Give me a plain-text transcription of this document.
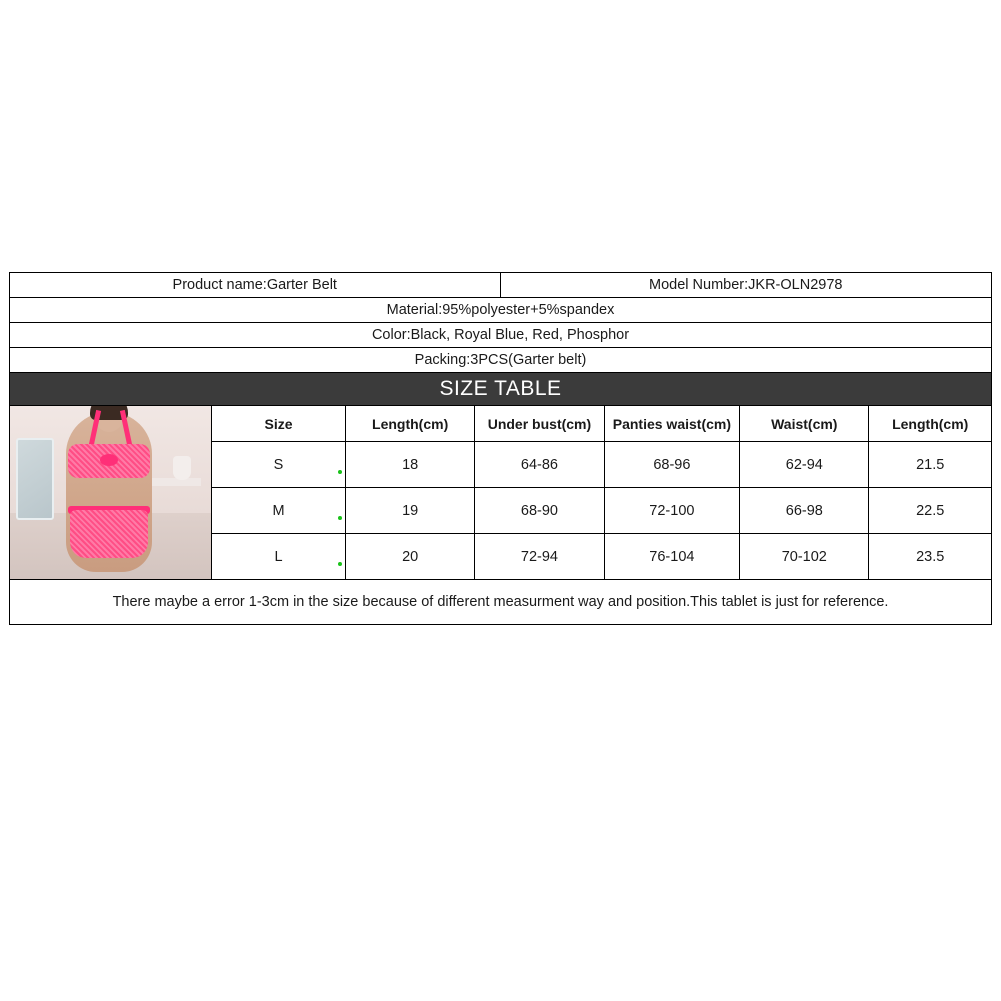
Product name:Garter Belt	Model Number:JKR-OLN2978
Material:95%polyester+5%spandex
Color:Black, Royal Blue, Red, Phosphor
Packing:3PCS(Garter belt)
SIZE TABLE
Size	Length(cm)	Under bust(cm)	Panties waist(cm)	Waist(cm)	Length(cm)
S	18	64-86	68-96	62-94	21.5
M	19	68-90	72-100	66-98	22.5
L	20	72-94	76-104	70-102	23.5
There maybe a error 1-3cm in the size because of different measurment way and position.This tablet is just for reference.
